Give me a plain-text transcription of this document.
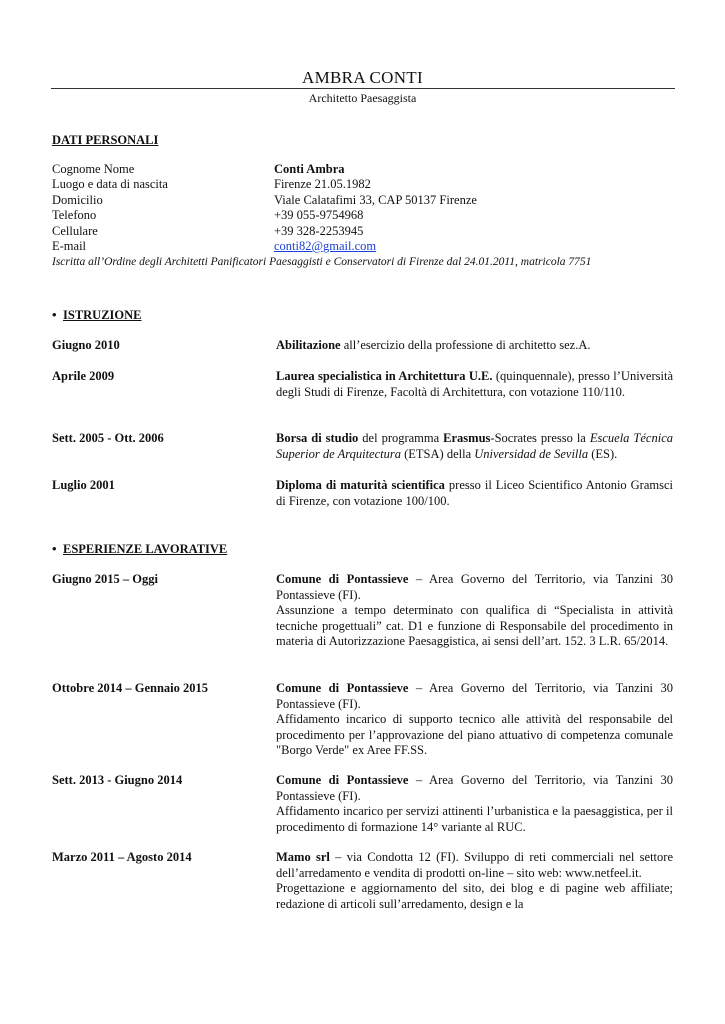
AMBRA CONTI
Architetto Paesaggista
DATI PERSONALI
Cognome Nome	Conti Ambra
Luogo e data di nascita	Firenze 21.05.1982
Domicilio	Viale Calatafimi 33, CAP 50137 Firenze
Telefono	+39 055-9754968
Cellulare	+39 328-2253945
E-mail	conti82@gmail.com
Iscritta all’Ordine degli Architetti Panificatori Paesaggisti e Conservatori di Firenze dal 24.01.2011, matricola 7751
• ISTRUZIONE
Giugno 2010	Abilitazione all’esercizio della professione di architetto sez.A.

Aprile 2009	Laurea specialistica in Architettura U.E. (quinquennale), presso l’Università degli Studi di Firenze, Facoltà di Architettura, con votazione 110/110.

Sett. 2005 - Ott. 2006	Borsa di studio del programma Erasmus-Socrates presso la Escuela Técnica Superior de Arquitectura (ETSA) della Universidad de Sevilla (ES).

Luglio 2001	Diploma di maturità scientifica presso il Liceo Scientifico Antonio Gramsci di Firenze, con votazione 100/100.

• ESPERIENZE LAVORATIVE
Giugno 2015 – Oggi	Comune di Pontassieve – Area Governo del Territorio, via Tanzini 30 Pontassieve (FI).

Assunzione a tempo determinato con qualifica di “Specialista in attività tecniche progettuali” cat. D1 e funzione di Responsabile del procedimento in materia di Autorizzazione Paesaggistica, ai sensi dell’art. 152. 3 L.R. 65/2014.

Ottobre 2014 – Gennaio 2015	Comune di Pontassieve – Area Governo del Territorio, via Tanzini 30 Pontassieve (FI).

Affidamento incarico di supporto tecnico alle attività del responsabile del procedimento per l’approvazione del piano attuativo di competenza comunale "Borgo Verde" ex Aree FF.SS.

Sett. 2013 - Giugno 2014	Comune di Pontassieve – Area Governo del Territorio, via Tanzini 30 Pontassieve (FI).

Affidamento incarico per servizi attinenti l’urbanistica e la paesaggistica, per il procedimento di formazione 14° variante al RUC.

Marzo 2011 – Agosto 2014	Mamo srl – via Condotta 12 (FI). Sviluppo di reti commerciali nel settore dell’arredamento e vendita di prodotti on-line – sito web: www.netfeel.it.

Progettazione e aggiornamento del sito, dei blog e di pagine web affiliate; redazione di articoli sull’arredamento, design e la
